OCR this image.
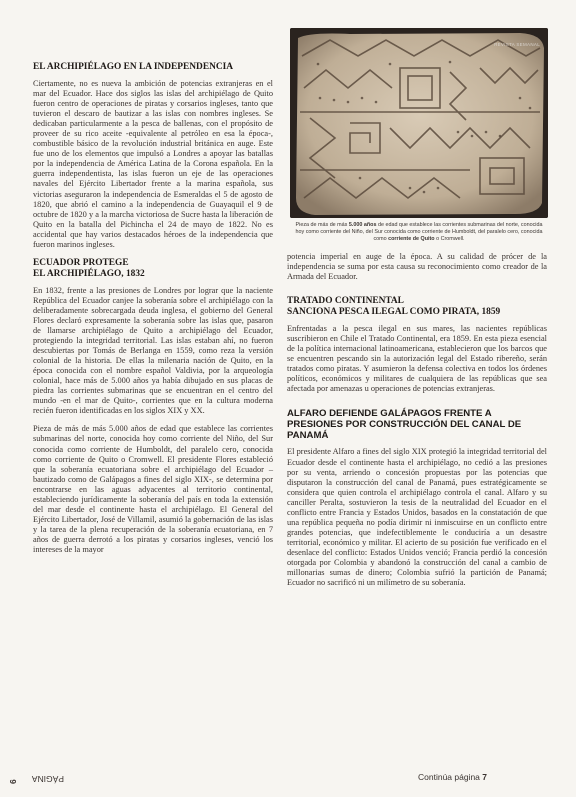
REVISTA SEMANAL
Pieza de más de más 5.000 años de edad que establece las corrientes submarinas del norte, conocida hoy como corriente del Niño, del Sur conocida como corriente de Humboldt, del paralelo cero, conocida como corriente de Quito o Cromwell.
EL ARCHIPIÉLAGO EN LA INDEPENDENCIA

Ciertamente, no es nueva la ambición de potencias extranjeras en el mar del Ecuador. Hace dos siglos las islas del archipiélago de Quito fueron centro de operaciones de piratas y corsarios ingleses, tanto que tuvieron el descaro de bautizar a las islas con nombres ingleses. Se dedicaban particularmente a la pesca de ballenas, con el propósito de proveer de su rico aceite -equivalente al petróleo en esa la época-, combustible básico de la revolución industrial británica en auge. Este fue uno de los elementos que impulsó a Londres a apoyar las batallas por la independencia de América Latina de la Corona española. En la guerra independentista, las islas fueron un eje de las operaciones navales del Ejército Libertador frente a la marina española, sus victorias aseguraron la independencia de Esmeraldas el 5 de agosto de 1820, que abrió el camino a la independencia de Guayaquil el 9 de octubre de 1820 y a la marcha victoriosa de Sucre hasta la liberación de Quito en la batalla del Pichincha el 24 de mayo de 1822. No es accidental que hay varios destacados héroes de la independencia que fueron marinos ingleses.

ECUADOR PROTEGE
EL ARCHIPIÉLAGO, 1832

En 1832, frente a las presiones de Londres por lograr que la naciente República del Ecuador canjee la soberanía sobre el archipiélago con la deliberadamente sobrecargada deuda inglesa, el gobierno del General Flores declaró expresamente la soberanía sobre las islas que, pasaron de llamarse archipiélago de Quito a archipiélago del Ecuador, protegiendo la integridad territorial. Las islas estaban ahí, no fueron descubiertas por Tomás de Berlanga en 1559, como reza la versión colonial de la historia. De ellas la milenaria nación de Quito, en la época conocida con el nombre español Valdivia, por la arqueología colonial, hace más de 5.000 años ya había dibujado en sus placas de piedra las corrientes submarinas que se encuentran en el centro del mundo -en el mar de Quito-, corrientes que en la cultura moderna recién fueron identificadas en los siglos XIX y XX.

Pieza de más de más 5.000 años de edad que establece las corrientes submarinas del norte, conocida hoy como corriente del Niño, del Sur conocida como corriente de Humboldt, del paralelo cero, conocida como corriente de Quito o Cromwell. El presidente Flores estableció que la soberanía ecuatoriana sobre el archipiélago del Ecuador –bautizado como de Galápagos a fines del siglo XIX-, se determina por encontrarse en las aguas adyacentes al territorio continental, estableciendo jurídicamente la soberanía del país en toda la extensión del mar desde el continente hasta el archipiélago. El General del Ejército Libertador, José de Villamil, asumió la gobernación de las islas y la tarea de la plena recuperación de la soberanía ecuatoriana, en 7 años de guerra derrotó a los piratas y corsarios ingleses, venció los intereses de la mayor

potencia imperial en auge de la época. A su calidad de prócer de la independencia se suma por esta causa su reconocimiento como creador de la Armada del Ecuador.

TRATADO CONTINENTAL
SANCIONA PESCA ILEGAL COMO PIRATA, 1859

Enfrentadas a la pesca ilegal en sus mares, las nacientes repúblicas suscribieron en Chile el Tratado Continental, era 1859. En esta pieza esencial de la política internacional latinoamericana, establecieron que los barcos que se encuentren pescando sin la autorización legal del Estado ribereño, serán tratados como piratas. Y asumieron la defensa colectiva en todos los órdenes políticos, económicos y militares de cualquiera de las repúblicas que sea afectada por amenazas u operaciones de potencias extranjeras.

ALFARO DEFIENDE GALÁPAGOS FRENTE A PRESIONES POR CONSTRUCCIÓN DEL CANAL DE PANAMÁ

El presidente Alfaro a fines del siglo XIX protegió la integridad territorial del Ecuador desde el continente hasta el archipiélago, no cedió a las presiones por su venta, arriendo o concesión propuestas por las potencias que disputaron la construcción del canal de Panamá, pues estratégicamente se considera que quien controla el archipiélago controla el canal. Alfaro y su canciller Peralta, sostuvieron la tesis de la neutralidad del Ecuador en el conflicto entre Francia y Estados Unidos, basados en la constatación de que una república pequeña no podía dirimir ni inmiscuirse en un conflicto entre grandes potencias, que indefectiblemente le conduciría a un desastre territorial, económico y militar. El acierto de su posición fue verificado en el desenlace del conflicto: Estados Unidos venció; Francia perdió la concesión otorgada por Colombia y abandonó la construcción del canal a cambio de millonarias sumas de dinero; Colombia sufrió la partición de Panamá; Ecuador no sacrificó ni un milímetro de su soberanía.

PÁGINA
6	Continúa página 7
